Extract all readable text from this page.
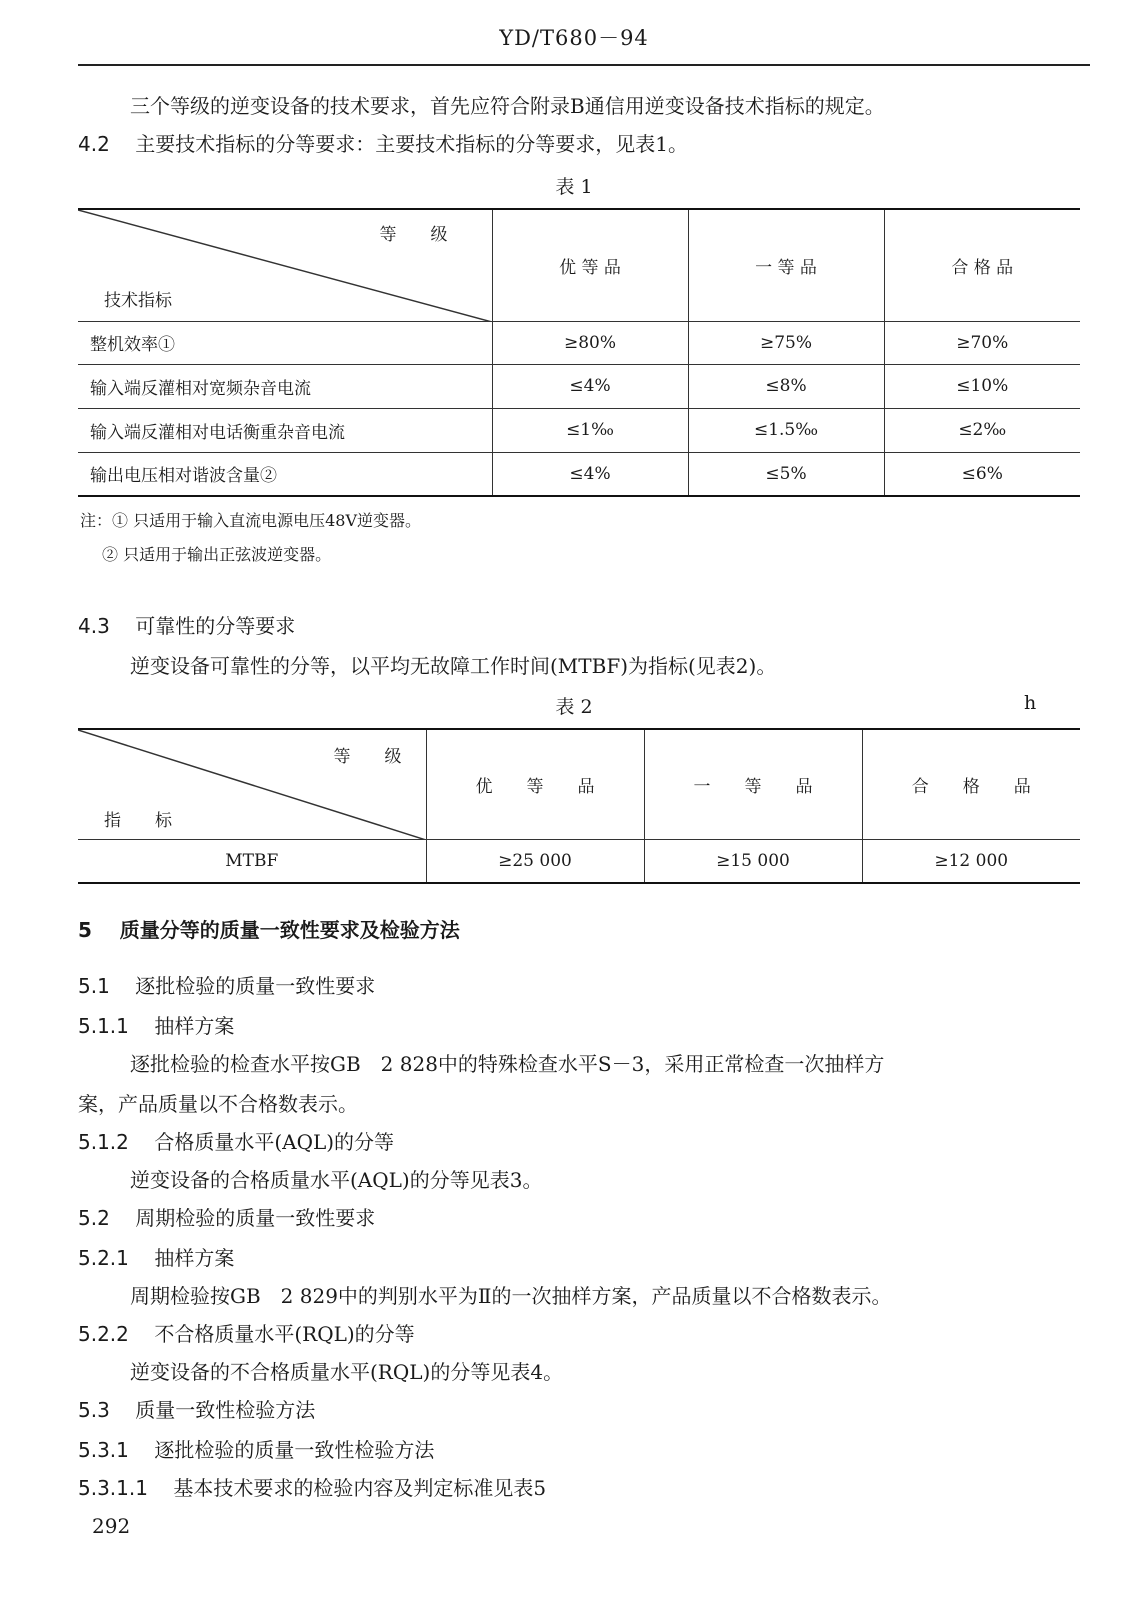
YD/T680－94
三个等级的逆变设备的技术要求，首先应符合附录B通信用逆变设备技术指标的规定。
4.2 主要技术指标的分等要求：主要技术指标的分等要求，见表1。
表 1
等　　级
技术指标	优 等 品	一 等 品	合 格 品
整机效率①	≥80%	≥75%	≥70%
输入端反灌相对宽频杂音电流	≤4%	≤8%	≤10%
输入端反灌相对电话衡重杂音电流	≤1‰	≤1.5‰	≤2‰
输出电压相对谐波含量②	≤4%	≤5%	≤6%
注：① 只适用于输入直流电源电压48V逆变器。
② 只适用于输出正弦波逆变器。
4.3 可靠性的分等要求
逆变设备可靠性的分等，以平均无故障工作时间(MTBF)为指标(见表2)。
表 2	h
等　　级
指　　标	优　　等　　品	一　　等　　品	合　　格　　品
MTBF	≥25 000	≥15 000	≥12 000
5 质量分等的质量一致性要求及检验方法
5.1 逐批检验的质量一致性要求
5.1.1 抽样方案
逐批检验的检查水平按GB　2 828中的特殊检查水平S－3，采用正常检查一次抽样方
案，产品质量以不合格数表示。
5.1.2 合格质量水平(AQL)的分等
逆变设备的合格质量水平(AQL)的分等见表3。
5.2 周期检验的质量一致性要求
5.2.1 抽样方案
周期检验按GB　2 829中的判别水平为Ⅱ的一次抽样方案，产品质量以不合格数表示。
5.2.2 不合格质量水平(RQL)的分等
逆变设备的不合格质量水平(RQL)的分等见表4。
5.3 质量一致性检验方法
5.3.1 逐批检验的质量一致性检验方法
5.3.1.1 基本技术要求的检验内容及判定标准见表5
292
